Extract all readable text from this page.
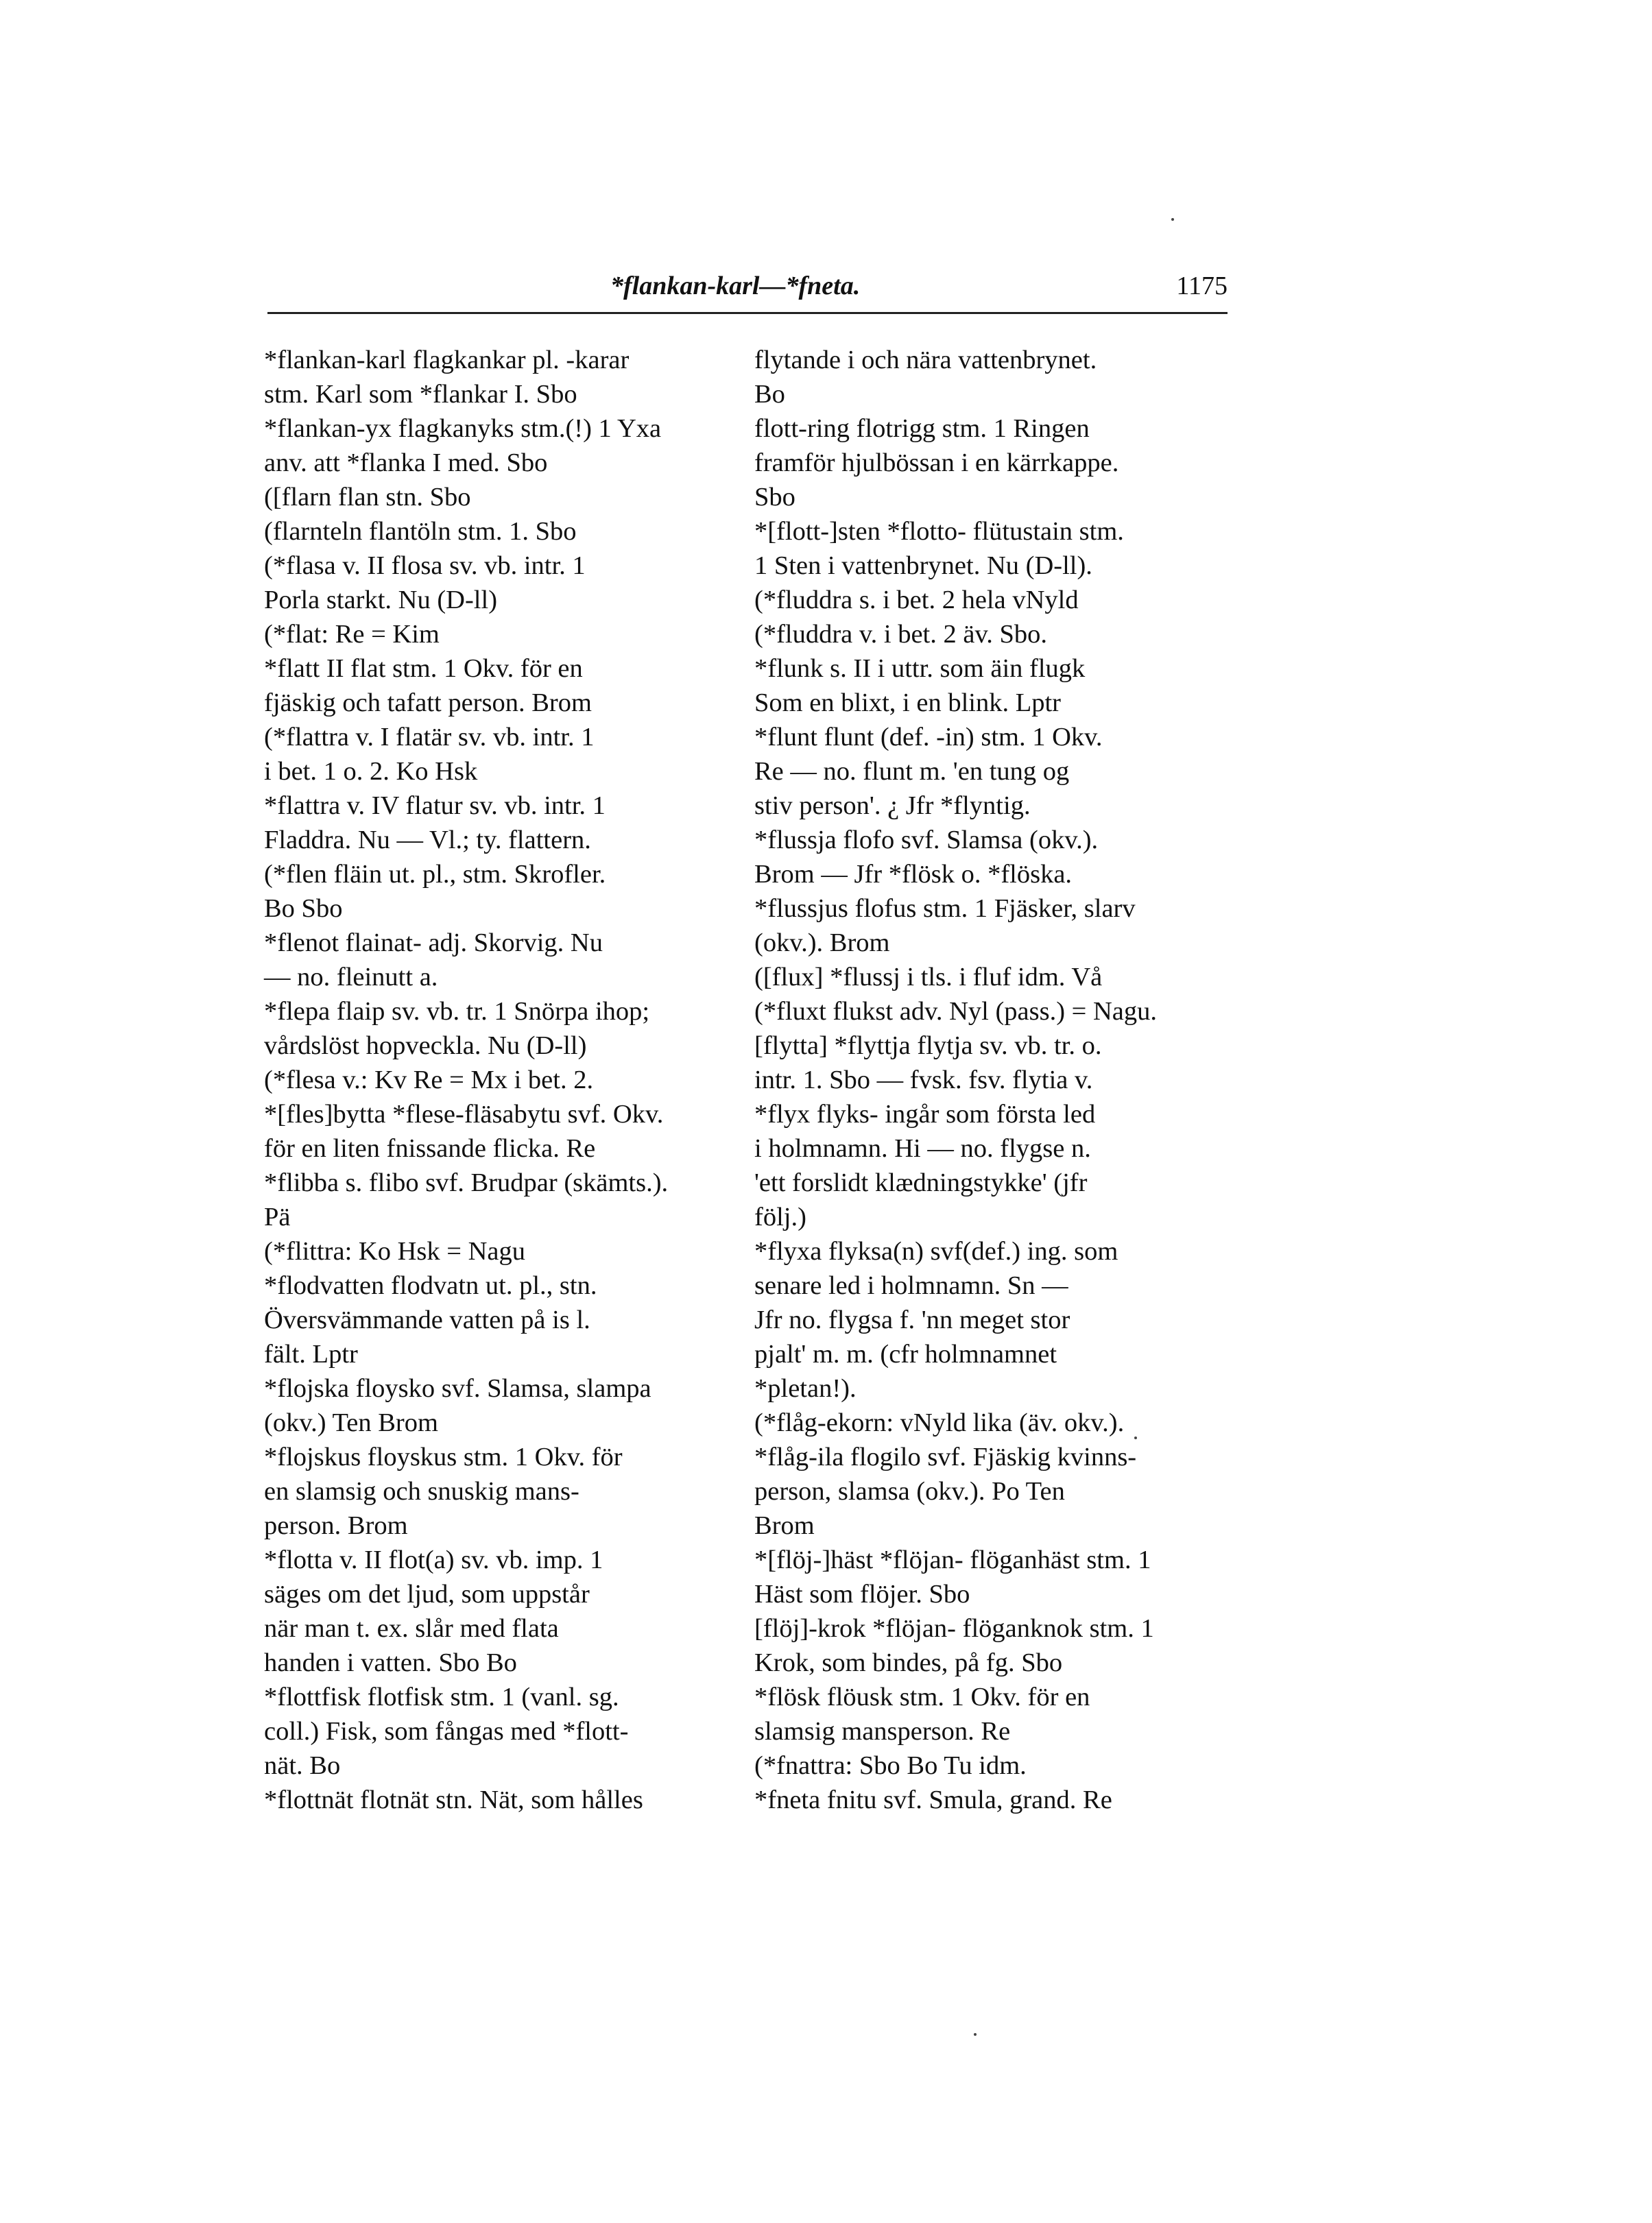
*flankan-karl—*fneta.	1175

*flankan-karl flagkankar pl. -karar
stm. Karl som *flankar I. Sbo

*flankan-yx flagkanyks stm.(!) 1 Yxa
anv. att *flanka I med. Sbo

([flarn flan stn. Sbo

(flarnteln flantöln stm. 1. Sbo

(*flasa v. II flosa sv. vb. intr. 1
Porla starkt. Nu (D-ll)

(*flat: Re = Kim

*flatt II flat stm. 1 Okv. för en
fjäskig och tafatt person. Brom

(*flattra v. I flatär sv. vb. intr. 1
i bet. 1 o. 2. Ko Hsk

*flattra v. IV flatur sv. vb. intr. 1
Fladdra. Nu — Vl.; ty. flattern.

(*flen fläin ut. pl., stm. Skrofler.
Bo Sbo

*flenot flainat- adj. Skorvig. Nu
— no. fleinutt a.

*flepa flaip sv. vb. tr. 1 Snörpa ihop;
vårdslöst hopveckla. Nu (D-ll)

(*flesa v.: Kv Re = Mx i bet. 2.

*[fles]bytta *flese-fläsabytu svf. Okv.
för en liten fnissande flicka. Re

*flibba s. flibo svf. Brudpar (skämts.).
Pä

(*flittra: Ko Hsk = Nagu

*flodvatten flodvatn ut. pl., stn.
Översvämmande vatten på is l.
fält. Lptr

*flojska floysko svf. Slamsa, slampa
(okv.) Ten Brom

*flojskus floyskus stm. 1 Okv. för
en slamsig och snuskig mans-
person. Brom

*flotta v. II flot(a) sv. vb. imp. 1
säges om det ljud, som uppstår
när man t. ex. slår med flata
handen i vatten. Sbo Bo

*flottfisk flotfisk stm. 1 (vanl. sg.
coll.) Fisk, som fångas med *flott-
nät. Bo

*flottnät flotnät stn. Nät, som hålles

flytande i och nära vattenbrynet.
Bo

flott-ring flotrigg stm. 1 Ringen
framför hjulbössan i en kärrkappe.
Sbo

*[flott-]sten *flotto- flütustain stm.
1 Sten i vattenbrynet. Nu (D-ll).

(*fluddra s. i bet. 2 hela vNyld

(*fluddra v. i bet. 2 äv. Sbo.

*flunk s. II i uttr. som äin flugk
Som en blixt, i en blink. Lptr

*flunt flunt (def. -in) stm. 1 Okv.
Re — no. flunt m. 'en tung og
stiv person'. ¿ Jfr *flyntig.

*flussja flofo svf. Slamsa (okv.).
Brom — Jfr *flösk o. *flöska.

*flussjus flofus stm. 1 Fjäsker, slarv
(okv.). Brom

([flux] *flussj i tls. i fluf idm. Vå

(*fluxt flukst adv. Nyl (pass.) = Nagu.

[flytta] *flyttja flytja sv. vb. tr. o.
intr. 1. Sbo — fvsk. fsv. flytia v.

*flyx flyks- ingår som första led
i holmnamn. Hi — no. flygse n.
'ett forslidt klædningstykke' (jfr
följ.)

*flyxa flyksa(n) svf(def.) ing. som
senare led i holmnamn. Sn —
Jfr no. flygsa f. 'nn meget stor
pjalt' m. m. (cfr holmnamnet
*pletan!).

(*flåg-ekorn: vNyld lika (äv. okv.).

*flåg-ila flogilo svf. Fjäskig kvinns-
person, slamsa (okv.). Po Ten
Brom

*[flöj-]häst *flöjan- flöganhäst stm. 1
Häst som flöjer. Sbo

[flöj]-krok *flöjan- flöganknok stm. 1
Krok, som bindes, på fg. Sbo

*flösk flöusk stm. 1 Okv. för en
slamsig mansperson. Re

(*fnattra: Sbo Bo Tu idm.

*fneta fnitu svf. Smula, grand. Re
